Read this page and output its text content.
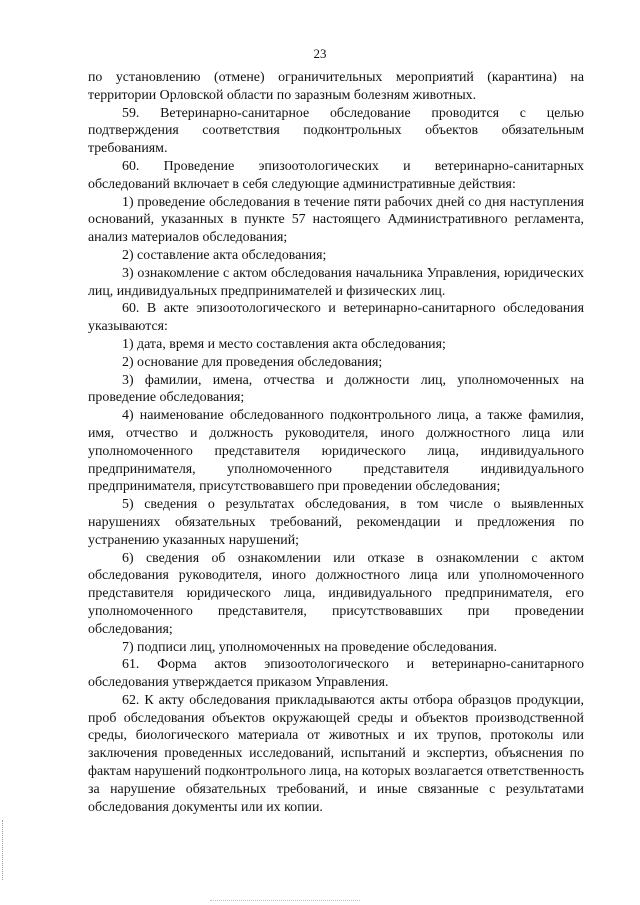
23

по установлению (отмене) ограничительных мероприятий (карантина) на территории Орловской области по заразным болезням животных.

59. Ветеринарно-санитарное обследование проводится с целью подтверждения соответствия подконтрольных объектов обязательным требованиям.

60. Проведение эпизоотологических и ветеринарно-санитарных обследований включает в себя следующие административные действия:

1) проведение обследования в течение пяти рабочих дней со дня наступления оснований, указанных в пункте 57 настоящего Административного регламента, анализ материалов обследования;

2) составление акта обследования;

3) ознакомление с актом обследования начальника Управления, юридических лиц, индивидуальных предпринимателей и физических лиц.

60. В акте эпизоотологического и ветеринарно-санитарного обследования указываются:

1) дата, время и место составления акта обследования;

2) основание для проведения обследования;

3) фамилии, имена, отчества и должности лиц, уполномоченных на проведение обследования;

4) наименование обследованного подконтрольного лица, а также фамилия, имя, отчество и должность руководителя, иного должностного лица или уполномоченного представителя юридического лица, индивидуального предпринимателя, уполномоченного представителя индивидуального предпринимателя, присутствовавшего при проведении обследования;

5) сведения о результатах обследования, в том числе о выявленных нарушениях обязательных требований, рекомендации и предложения по устранению указанных нарушений;

6) сведения об ознакомлении или отказе в ознакомлении с актом обследования руководителя, иного должностного лица или уполномоченного представителя юридического лица, индивидуального предпринимателя, его уполномоченного представителя, присутствовавших при проведении обследования;

7) подписи лиц, уполномоченных на проведение обследования.

61. Форма актов эпизоотологического и ветеринарно-санитарного обследования утверждается приказом Управления.

62. К акту обследования прикладываются акты отбора образцов продукции, проб обследования объектов окружающей среды и объектов производственной среды, биологического материала от животных и их трупов, протоколы или заключения проведенных исследований, испытаний и экспертиз, объяснения по фактам нарушений подконтрольного лица, на которых возлагается ответственность за нарушение обязательных требований, и иные связанные с результатами обследования документы или их копии.
